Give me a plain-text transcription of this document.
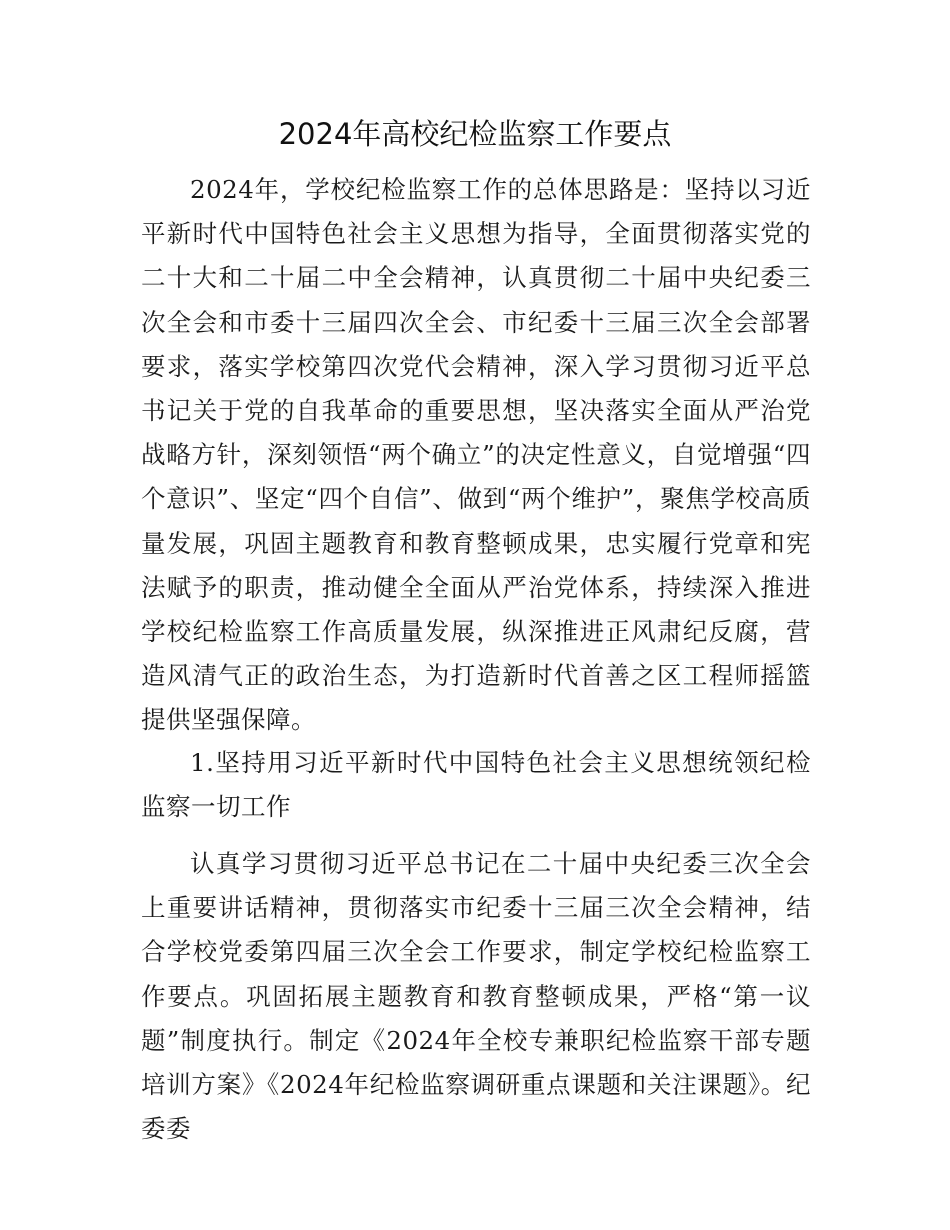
2024年高校纪检监察工作要点

2024年，学校纪检监察工作的总体思路是：坚持以习近平新时代中国特色社会主义思想为指导，全面贯彻落实党的二十大和二十届二中全会精神，认真贯彻二十届中央纪委三次全会和市委十三届四次全会、市纪委十三届三次全会部署要求，落实学校第四次党代会精神，深入学习贯彻习近平总书记关于党的自我革命的重要思想，坚决落实全面从严治党战略方针，深刻领悟“两个确立”的决定性意义，自觉增强“四个意识”、坚定“四个自信”、做到“两个维护”，聚焦学校高质量发展，巩固主题教育和教育整顿成果，忠实履行党章和宪法赋予的职责，推动健全全面从严治党体系，持续深入推进学校纪检监察工作高质量发展，纵深推进正风肃纪反腐，营造风清气正的政治生态，为打造新时代首善之区工程师摇篮提供坚强保障。

1.坚持用习近平新时代中国特色社会主义思想统领纪检监察一切工作

认真学习贯彻习近平总书记在二十届中央纪委三次全会上重要讲话精神，贯彻落实市纪委十三届三次全会精神，结合学校党委第四届三次全会工作要求，制定学校纪检监察工作要点。巩固拓展主题教育和教育整顿成果，严格“第一议题”制度执行。制定《2024年全校专兼职纪检监察干部专题培训方案》《2024年纪检监察调研重点课题和关注课题》。纪委委
